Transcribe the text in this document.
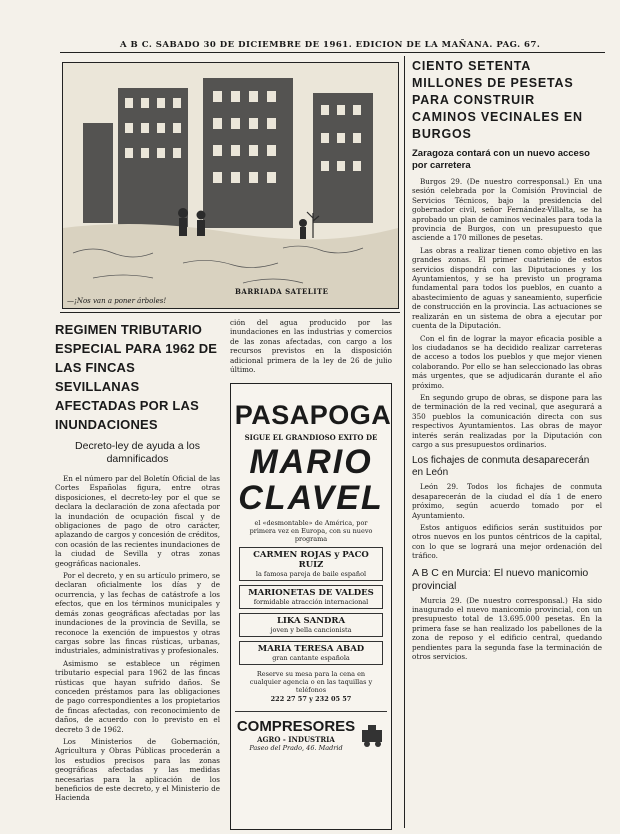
A B C. SABADO 30 DE DICIEMBRE DE 1961. EDICION DE LA MAÑANA. PAG. 67.
BARRIADA SATELITE
—¡Nos van a poner árboles!
REGIMEN TRIBUTARIO ESPECIAL PARA 1962 DE LAS FINCAS SEVILLANAS AFECTADAS POR LAS INUNDACIONES
Decreto-ley de ayuda a los damnificados

En el número par del Boletín Oficial de las Cortes Españolas figura, entre otras disposiciones, el decreto-ley por el que se declara la declaración de zona afectada por la inundación de ocupación fiscal y de obligaciones de pago de otro carácter, aplazando de cargos y concesión de créditos, con ocasión de las recientes inundaciones de la ciudad de Sevilla y otras zonas geográficas nacionales.

Por el decreto, y en su artículo primero, se declaran oficialmente los días y de ocurrencia, y las fechas de catástrofe a los efectos, que en los términos municipales y demás zonas geográficas afectadas por las inundaciones de la provincia de Sevilla, se reconoce la exención de impuestos y otras cargas sobre las fincas rústicas, urbanas, industriales, administrativas y profesionales.

Asimismo se establece un régimen tributario especial para 1962 de las fincas rústicas que hayan sufrido daños. Se conceden préstamos para las obligaciones de pago correspondientes a los propietarios de fincas afectadas, con reconocimiento de daños, de acuerdo con lo previsto en el decreto 3 de 1962.

Los Ministerios de Gobernación, Agricultura y Obras Públicas procederán a los estudios precisos para las zonas geográficas afectadas y las medidas necesarias para la aplicación de los beneficios de este decreto, y el Ministerio de Hacienda

ción del agua producido por las inundaciones en las industrias y comercios de las zonas afectadas, con cargo a los recursos previstos en la disposición adicional primera de la ley de 26 de julio último.

PASAPOGA
SIGUE EL GRANDIOSO EXITO DE
MARIO
CLAVEL
el «desmontable» de América, por primera vez en Europa, con su nuevo programa
CARMEN ROJAS y PACO RUIZ
la famosa pareja de baile español
MARIONETAS DE VALDES
formidable atracción internacional
LIKA SANDRA
joven y bella cancionista
MARIA TERESA ABAD
gran cantante española
Reserve su mesa para la cena en cualquier agencia o en las taquillas y teléfonos
222 27 57 y 232 05 57
COMPRESORES
AGRO - INDUSTRIA
Paseo del Prado, 46. Madrid
CIENTO SETENTA MILLONES DE PESETAS PARA CONSTRUIR CAMINOS VECINALES EN BURGOS
Zaragoza contará con un nuevo acceso por carretera

Burgos 29. (De nuestro corresponsal.) En una sesión celebrada por la Comisión Provincial de Servicios Técnicos, bajo la presidencia del gobernador civil, señor Fernández-Villalta, se ha aprobado un plan de caminos vecinales para toda la provincia de Burgos, con un presupuesto que asciende a 170 millones de pesetas.

Las obras a realizar tienen como objetivo en las grandes zonas. El primer cuatrienio de estos servicios dispondrá con las Diputaciones y los Ayuntamientos, y se ha previsto un programa fundamental para todos los pueblos, en cuanto a abastecimiento de aguas y saneamiento, superficie de construcción en la provincia. Las actuaciones se realizarán en un sistema de obra a ejecutar por cuenta de la Diputación.

Con el fin de lograr la mayor eficacia posible a los ciudadanos se ha decidido realizar carreteras de acceso a todos los pueblos y que mejor vienen colaborando. Por ello se han seleccionado las obras más urgentes, que se adjudicarán durante el año próximo.

En segundo grupo de obras, se dispone para las de terminación de la red vecinal, que asegurará a 350 pueblos la comunicación directa con sus respectivos Ayuntamientos. Las obras de mayor interés serán realizadas por la Diputación con cargo a sus presupuestos ordinarios.

Los fichajes de conmuta desaparecerán en León

León 29. Todos los fichajes de conmuta desaparecerán de la ciudad el día 1 de enero próximo, según acuerdo tomado por el Ayuntamiento.

Estos antiguos edificios serán sustituidos por otros nuevos en los puntos céntricos de la capital, con lo que se logrará una mejor ordenación del tráfico.

A B C en Murcia: El nuevo manicomio provincial

Murcia 29. (De nuestro corresponsal.) Ha sido inaugurado el nuevo manicomio provincial, con un presupuesto total de 13.695.000 pesetas. En la primera fase se han realizado los pabellones de la zona de reposo y el edificio central, quedando pendientes para la segunda fase la terminación de otros servicios.
